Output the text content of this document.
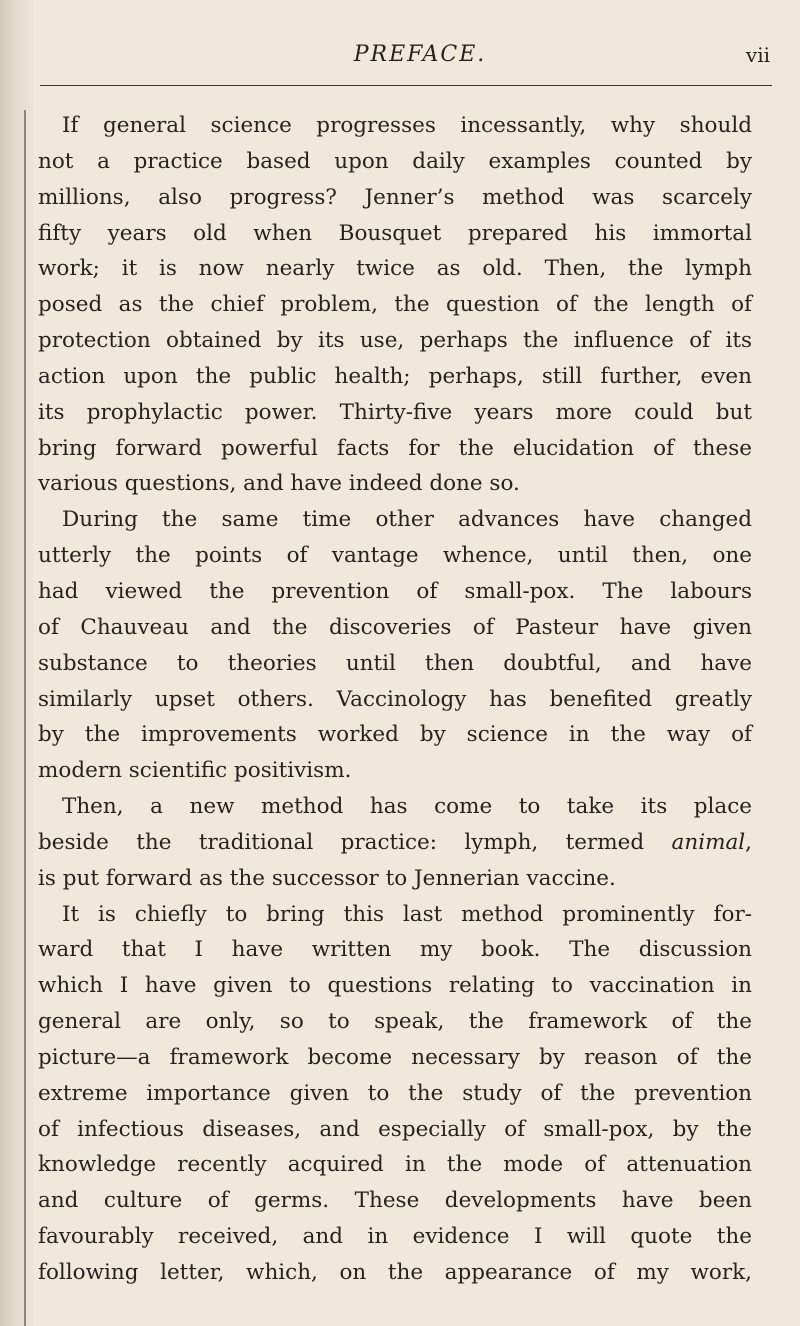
PREFACE.	vii
If general science progresses incessantly, why should
not a practice based upon daily examples counted by
millions, also progress? Jenner’s method was scarcely
fifty years old when Bousquet prepared his immortal
work; it is now nearly twice as old. Then, the lymph
posed as the chief problem, the question of the length of
protection obtained by its use, perhaps the influence of its
action upon the public health; perhaps, still further, even
its prophylactic power. Thirty-five years more could but
bring forward powerful facts for the elucidation of these
various questions, and have indeed done so.
During the same time other advances have changed
utterly the points of vantage whence, until then, one
had viewed the prevention of small-pox. The labours
of Chauveau and the discoveries of Pasteur have given
substance to theories until then doubtful, and have
similarly upset others. Vaccinology has benefited greatly
by the improvements worked by science in the way of
modern scientific positivism.
Then, a new method has come to take its place
beside the traditional practice: lymph, termed animal,
is put forward as the successor to Jennerian vaccine.
It is chiefly to bring this last method prominently for-
ward that I have written my book. The discussion
which I have given to questions relating to vaccination in
general are only, so to speak, the framework of the
picture—a framework become necessary by reason of the
extreme importance given to the study of the prevention
of infectious diseases, and especially of small-pox, by the
knowledge recently acquired in the mode of attenuation
and culture of germs. These developments have been
favourably received, and in evidence I will quote the
following letter, which, on the appearance of my work,
